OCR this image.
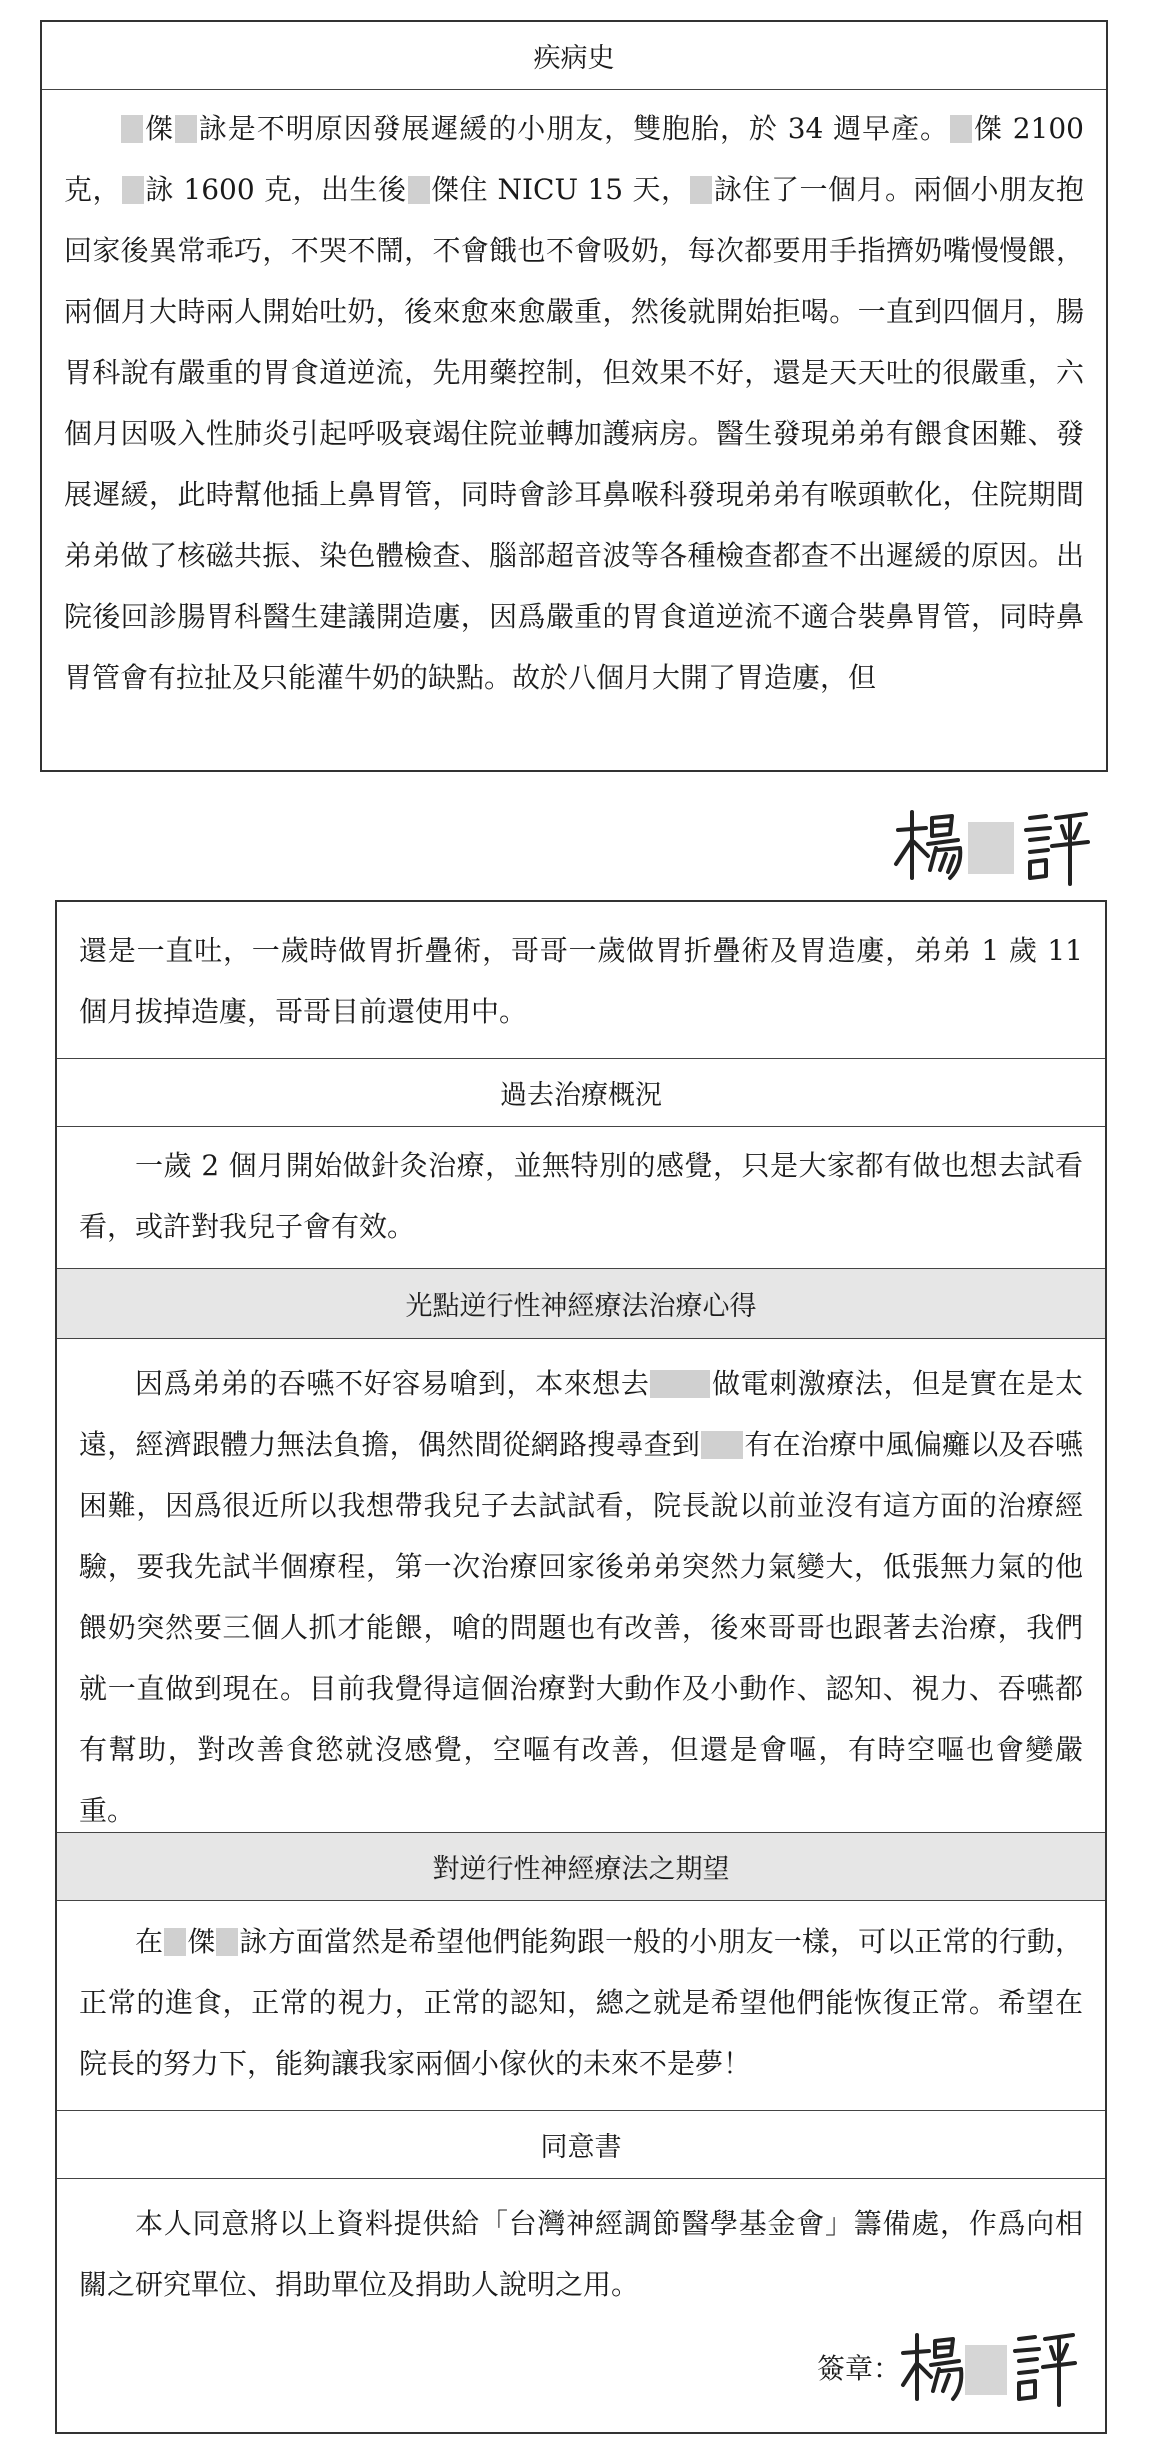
疾病史

傑 詠是不明原因發展遲緩的小朋友，雙胞胎，於 34 週早產。 傑 2100 克， 詠 1600 克，出生後 傑住 NICU 15 天， 詠住了一個月。兩個小朋友抱回家後異常乖巧，不哭不鬧，不會餓也不會吸奶，每次都要用手指擠奶嘴慢慢餵，兩個月大時兩人開始吐奶，後來愈來愈嚴重，然後就開始拒喝。一直到四個月，腸胃科說有嚴重的胃食道逆流，先用藥控制，但效果不好，還是天天吐的很嚴重，六個月因吸入性肺炎引起呼吸衰竭住院並轉加護病房。醫生發現弟弟有餵食困難、發展遲緩，此時幫他插上鼻胃管，同時會診耳鼻喉科發現弟弟有喉頭軟化，住院期間弟弟做了核磁共振、染色體檢查、腦部超音波等各種檢查都查不出遲緩的原因。出院後回診腸胃科醫生建議開造廔，因爲嚴重的胃食道逆流不適合裝鼻胃管，同時鼻胃管會有拉扯及只能灌牛奶的缺點。故於八個月大開了胃造廔，但

還是一直吐，一歲時做胃折疊術，哥哥一歲做胃折疊術及胃造廔，弟弟 1 歲 11 個月拔掉造廔，哥哥目前還使用中。

過去治療概況

一歲 2 個月開始做針灸治療，並無特別的感覺，只是大家都有做也想去試看看，或許對我兒子會有效。

光點逆行性神經療法治療心得

因爲弟弟的吞嚥不好容易嗆到，本來想去 做電刺激療法，但是實在是太遠，經濟跟體力無法負擔，偶然間從網路搜尋查到 有在治療中風偏癱以及吞嚥困難，因爲很近所以我想帶我兒子去試試看，院長說以前並沒有這方面的治療經驗，要我先試半個療程，第一次治療回家後弟弟突然力氣變大，低張無力氣的他餵奶突然要三個人抓才能餵，嗆的問題也有改善，後來哥哥也跟著去治療，我們就一直做到現在。目前我覺得這個治療對大動作及小動作、認知、視力、吞嚥都有幫助，對改善食慾就沒感覺，空嘔有改善，但還是會嘔，有時空嘔也會變嚴重。

對逆行性神經療法之期望

在 傑 詠方面當然是希望他們能夠跟一般的小朋友一樣，可以正常的行動，正常的進食，正常的視力，正常的認知，總之就是希望他們能恢復正常。希望在院長的努力下，能夠讓我家兩個小傢伙的未來不是夢！

同意書

本人同意將以上資料提供給「台灣神經調節醫學基金會」籌備處，作爲向相關之研究單位、捐助單位及捐助人說明之用。

簽章：
